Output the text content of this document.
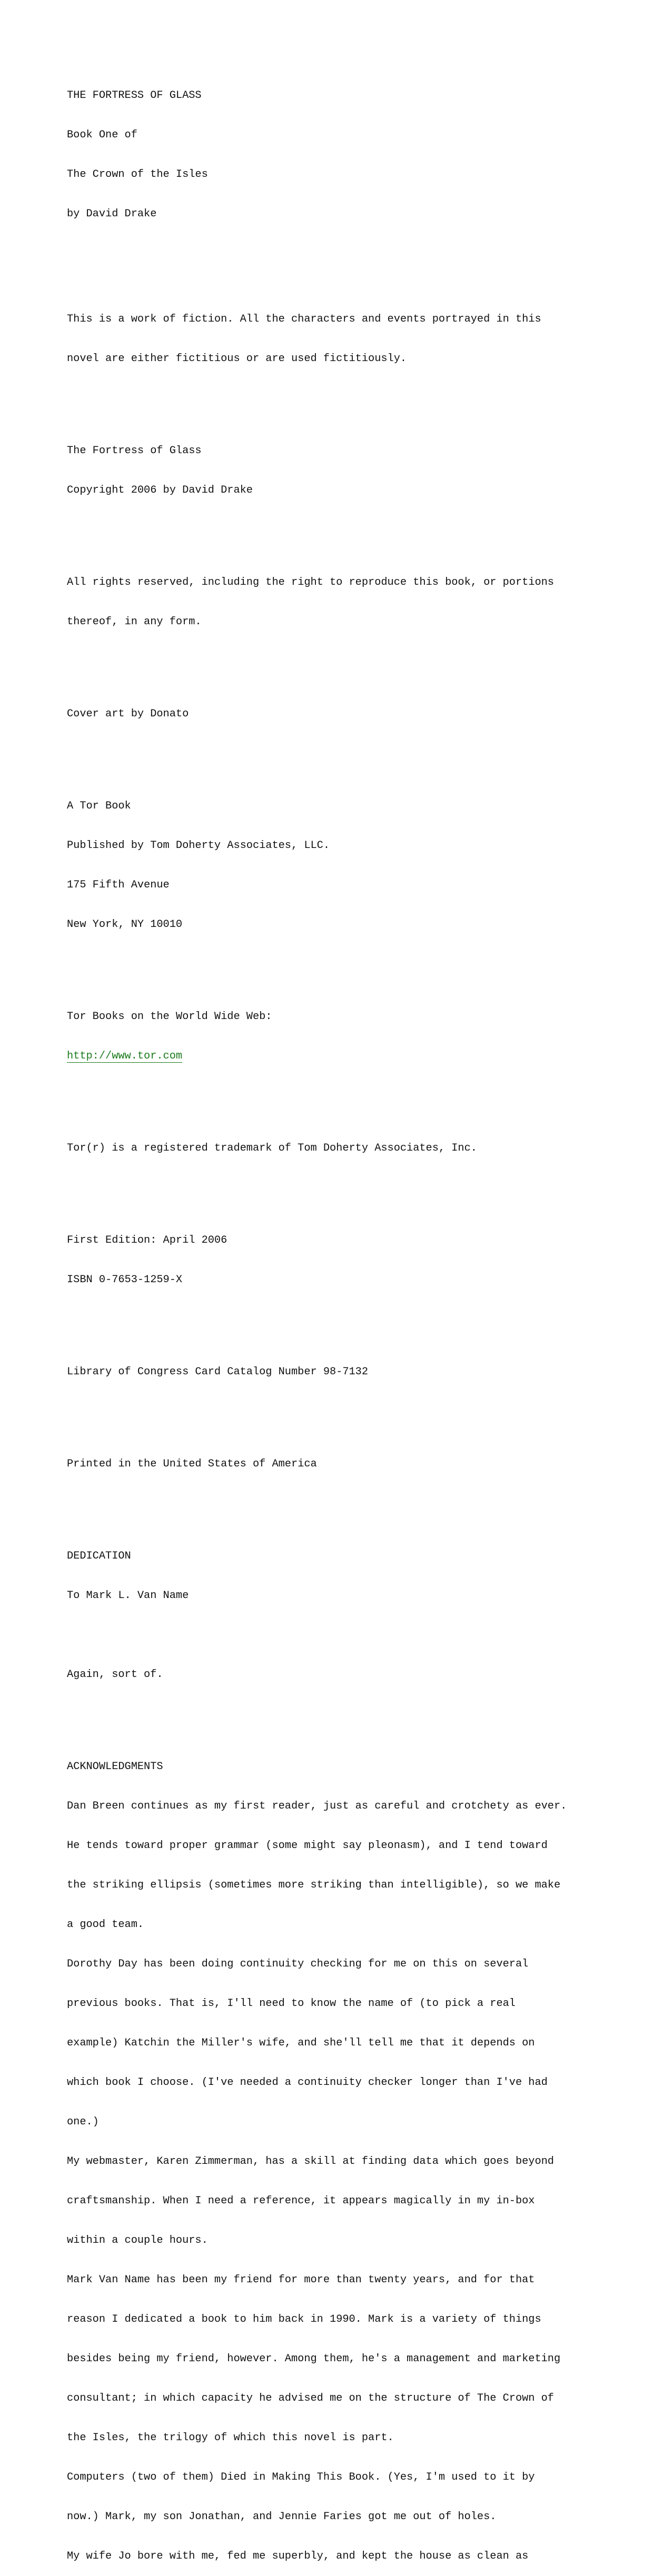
THE FORTRESS OF GLASS

Book One of

The Crown of the Isles

by David Drake

This is a work of fiction. All the characters and events portrayed in this

novel are either fictitious or are used fictitiously.

The Fortress of Glass

Copyright 2006 by David Drake

All rights reserved, including the right to reproduce this book, or portions

thereof, in any form.

Cover art by Donato

A Tor Book

Published by Tom Doherty Associates, LLC.

175 Fifth Avenue

New York, NY 10010

Tor Books on the World Wide Web:

http://www.tor.com

Tor(r) is a registered trademark of Tom Doherty Associates, Inc.

First Edition: April 2006

ISBN 0-7653-1259-X

Library of Congress Card Catalog Number 98-7132

Printed in the United States of America

DEDICATION

To Mark L. Van Name

Again, sort of.

ACKNOWLEDGMENTS

Dan Breen continues as my first reader, just as careful and crotchety as ever.

He tends toward proper grammar (some might say pleonasm), and I tend toward

the striking ellipsis (sometimes more striking than intelligible), so we make

a good team.

Dorothy Day has been doing continuity checking for me on this on several

previous books. That is, I'll need to know the name of (to pick a real

example) Katchin the Miller's wife, and she'll tell me that it depends on

which book I choose. (I've needed a continuity checker longer than I've had

one.)

My webmaster, Karen Zimmerman, has a skill at finding data which goes beyond

craftsmanship. When I need a reference, it appears magically in my in-box

within a couple hours.

Mark Van Name has been my friend for more than twenty years, and for that

reason I dedicated a book to him back in 1990. Mark is a variety of things

besides being my friend, however. Among them, he's a management and marketing

consultant; in which capacity he advised me on the structure of The Crown of

the Isles, the trilogy of which this novel is part.

Computers (two of them) Died in Making This Book. (Yes, I'm used to it by

now.) Mark, my son Jonathan, and Jennie Faries got me out of holes.

My wife Jo bore with me, fed me superbly, and kept the house as clean as
